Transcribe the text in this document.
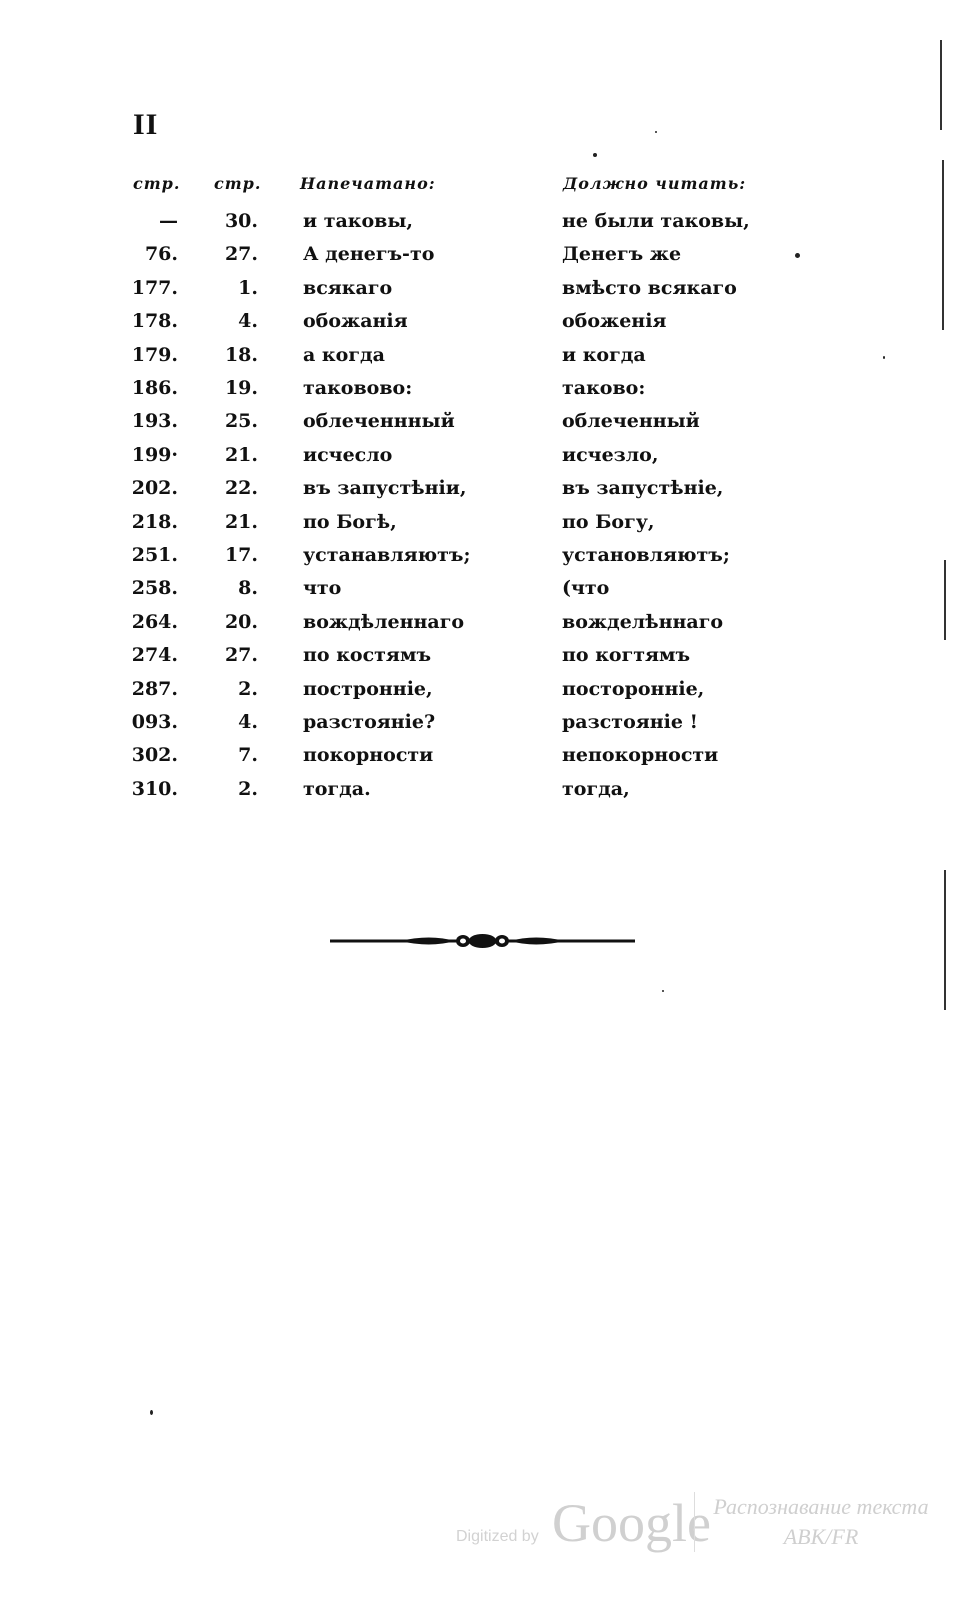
II
стр. стр. Напечатано:	Должно читать:
— 30. и таковы,	не были таковы,
76. 27. А денегъ-то	Денегъ же
177.	1. всякаго	вмѣсто всякаго
178.	4. обожанія	обоженія
179. 18. а когда	и когда
186. 19. таковово:	таково:
193. 25. облеченнный	облеченный
199· 21. исчесло	исчезло,
202. 22. въ запустѣніи,	въ запустѣніе,
218. 21. по Богѣ,	по Богу,
251. 17. устанавляютъ;	установляютъ;
258.	8. что	(что
264. 20. вождѣленнаго	вожделѣннаго
274. 27. по костямъ	по когтямъ
287.	2. построннiе,	посторонніе,
093.	4. разстояніе?	разстояніе !
302.	7. покорности	непокорности
310.	2. тогда.	тогда,
Digitized by Google Распознавание текста
ABK/FR
